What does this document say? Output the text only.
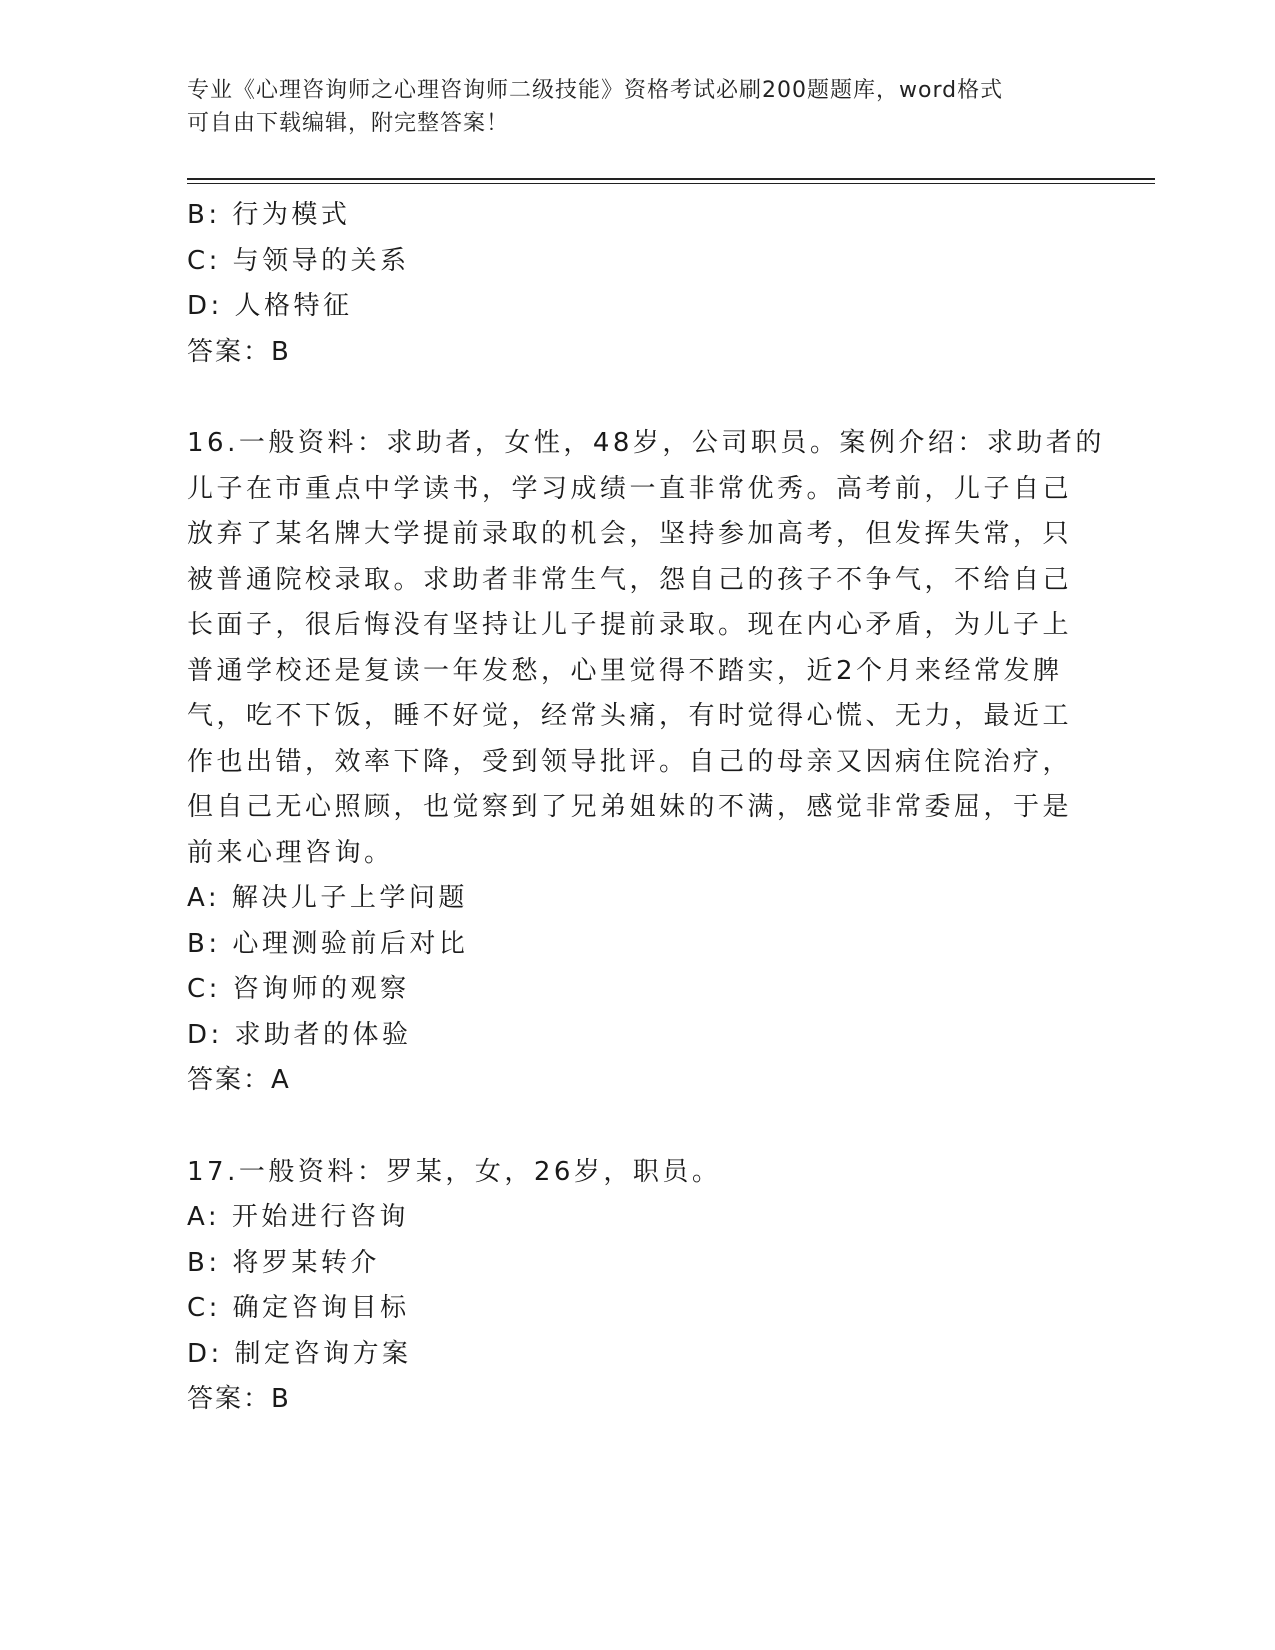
专业《心理咨询师之心理咨询师二级技能》资格考试必刷200题题库，word格式
可自由下载编辑，附完整答案！
B: 行为模式
C: 与领导的关系
D: 人格特征
答案：B
16.一般资料：求助者，女性，48岁，公司职员。案例介绍：求助者的
儿子在市重点中学读书，学习成绩一直非常优秀。高考前，儿子自己
放弃了某名牌大学提前录取的机会，坚持参加高考，但发挥失常，只
被普通院校录取。求助者非常生气，怨自己的孩子不争气，不给自己
长面子，很后悔没有坚持让儿子提前录取。现在内心矛盾，为儿子上
普通学校还是复读一年发愁，心里觉得不踏实，近2个月来经常发脾
气，吃不下饭，睡不好觉，经常头痛，有时觉得心慌、无力，最近工
作也出错，效率下降，受到领导批评。自己的母亲又因病住院治疗，
但自己无心照顾，也觉察到了兄弟姐妹的不满，感觉非常委屈，于是
前来心理咨询。
A: 解决儿子上学问题
B: 心理测验前后对比
C: 咨询师的观察
D: 求助者的体验
答案：A
17.一般资料：罗某，女，26岁，职员。
A: 开始进行咨询
B: 将罗某转介
C: 确定咨询目标
D: 制定咨询方案
答案：B
